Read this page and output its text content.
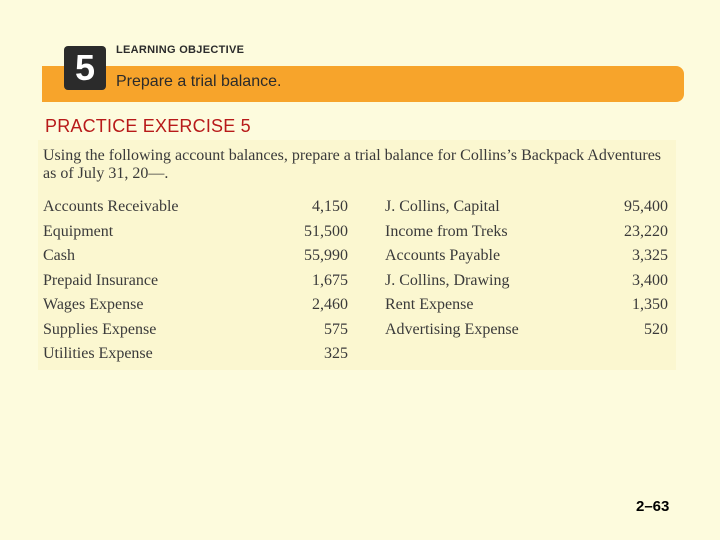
5	LEARNING OBJECTIVE
Prepare a trial balance.
PRACTICE EXERCISE 5
Using the following account balances, prepare a trial balance for Collins’s Backpack Adventures as of July 31, 20—.
Accounts Receivable	4,150
Equipment	51,500
Cash	55,990
Prepaid Insurance	1,675
Wages Expense	2,460
Supplies Expense	575
Utilities Expense	325
J. Collins, Capital	95,400
Income from Treks	23,220
Accounts Payable	3,325
J. Collins, Drawing	3,400
Rent Expense	1,350
Advertising Expense	520
2–63
